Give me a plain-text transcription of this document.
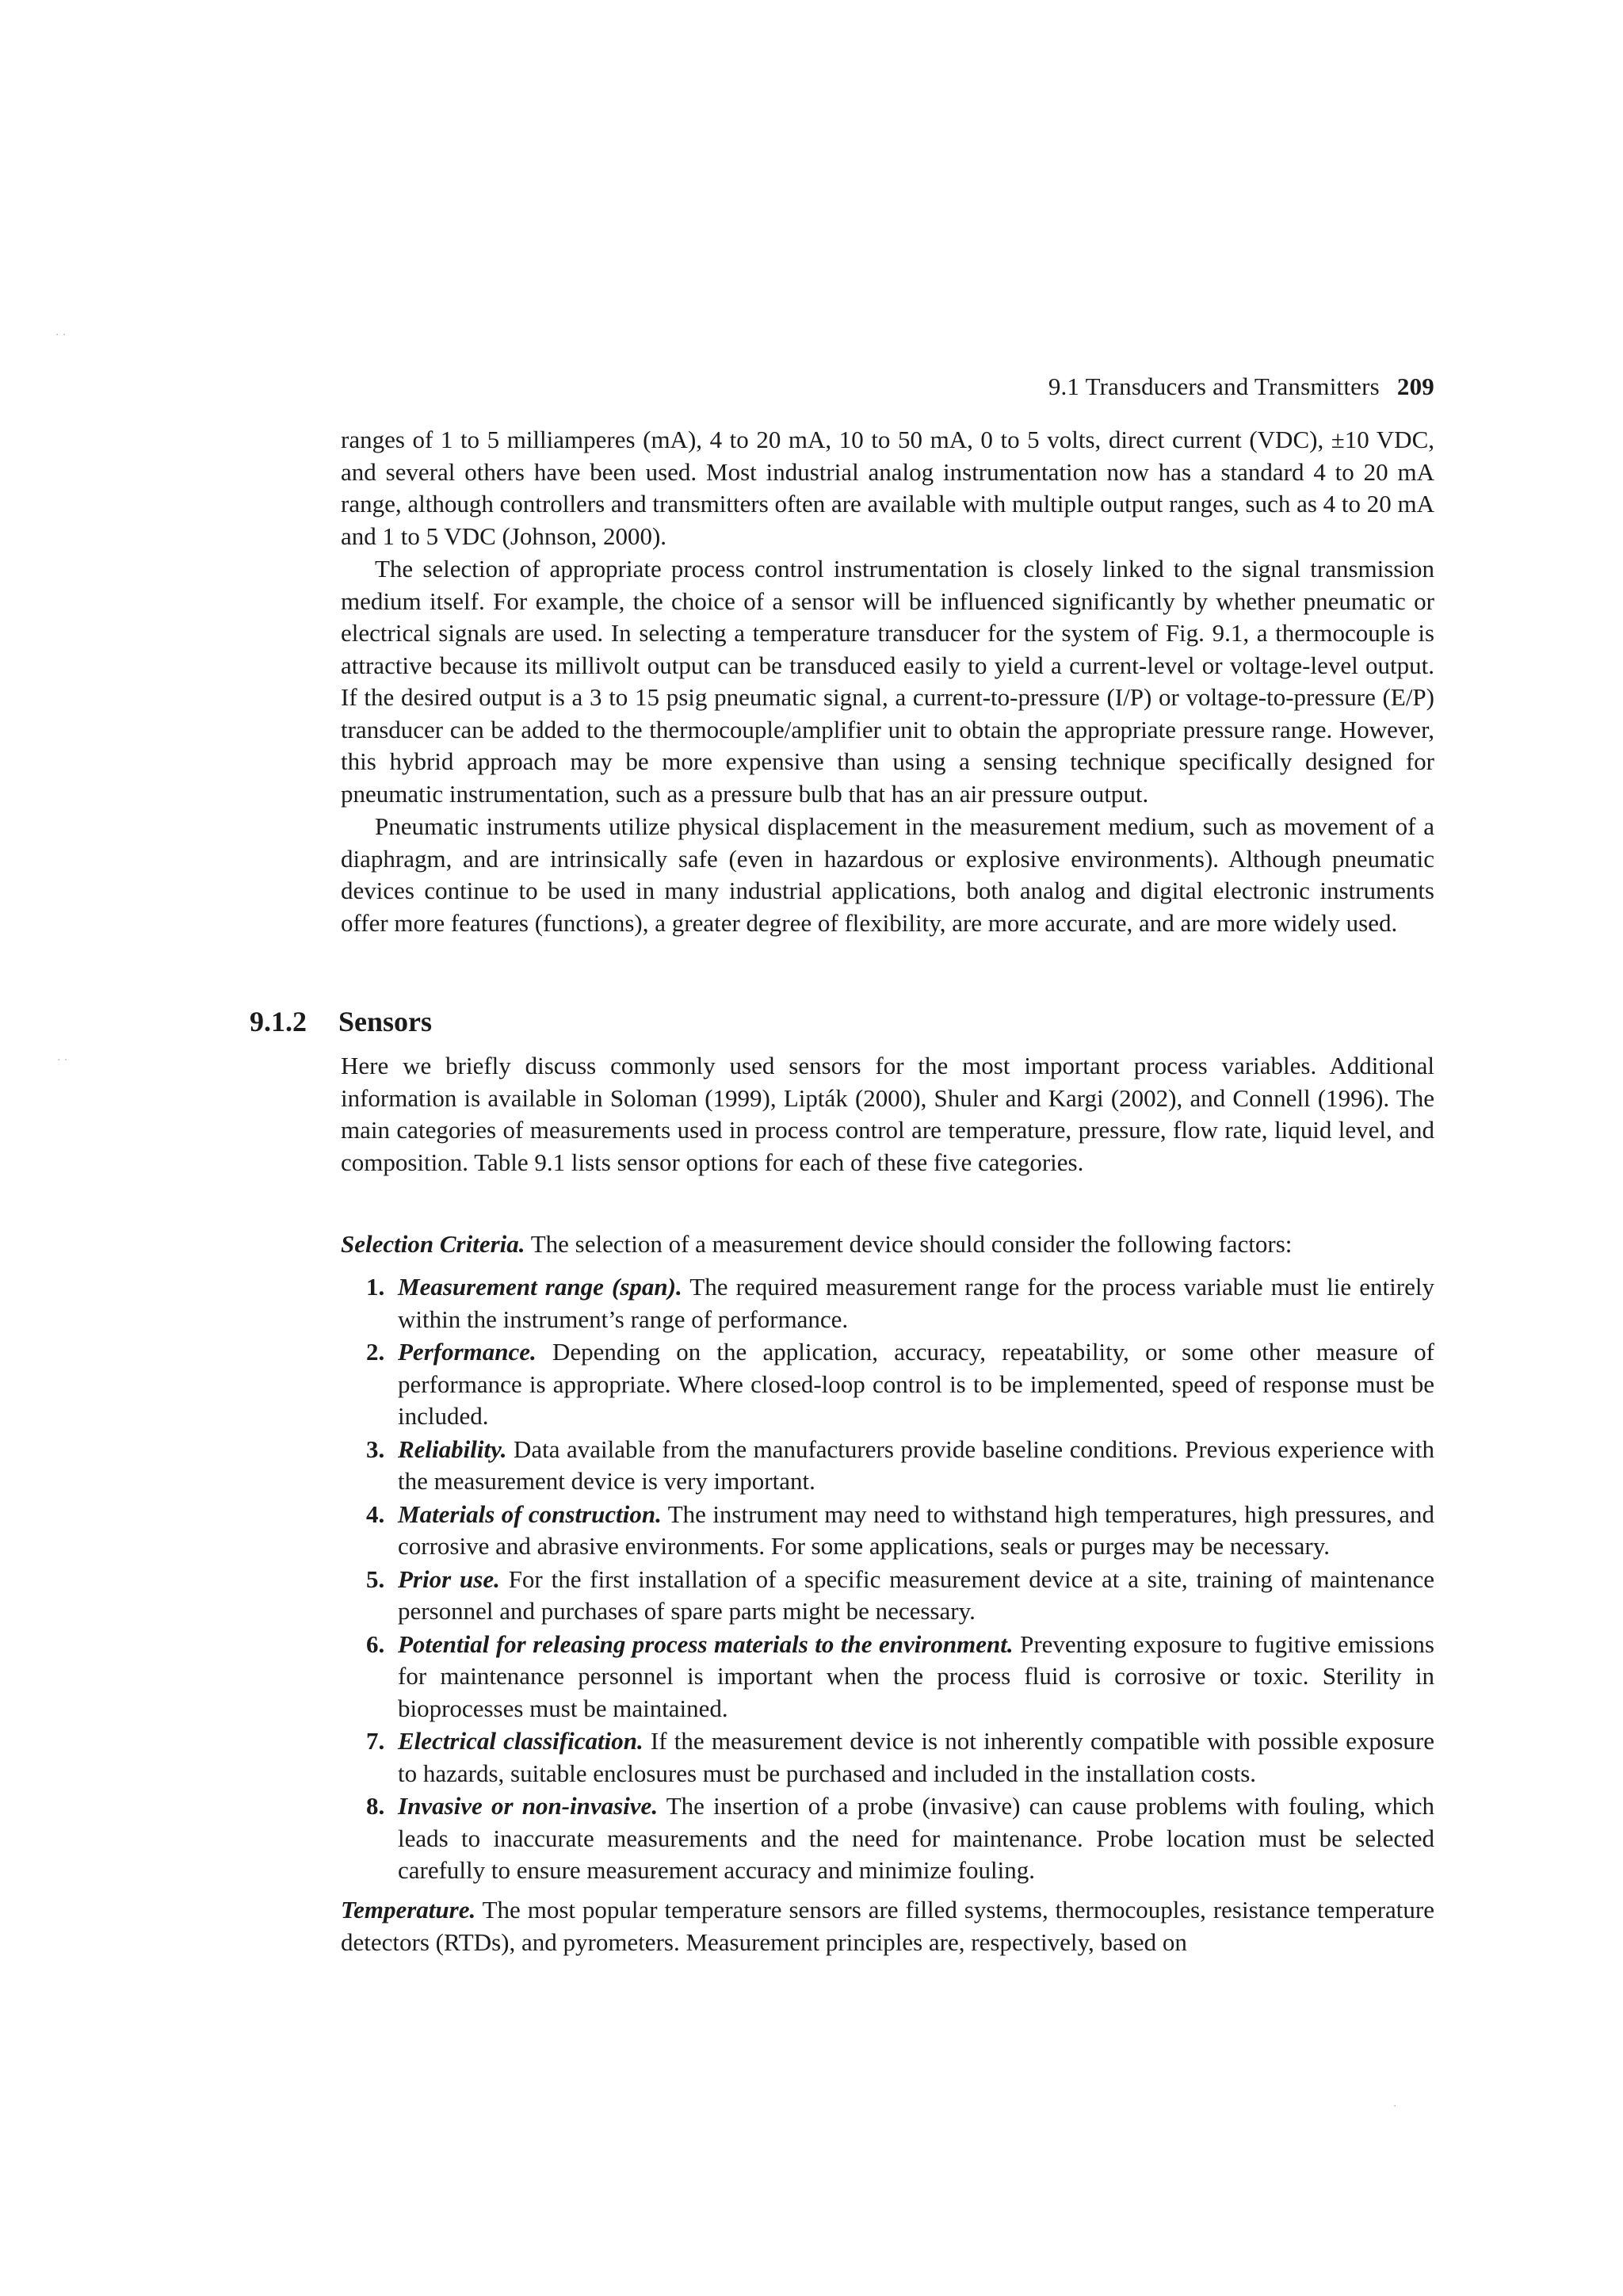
9.1 Transducers and Transmitters 209

ranges of 1 to 5 milliamperes (mA), 4 to 20 mA, 10 to 50 mA, 0 to 5 volts, direct current (VDC), ±10 VDC, and several others have been used. Most industrial analog instrumentation now has a standard 4 to 20 mA range, although controllers and transmitters often are available with multiple output ranges, such as 4 to 20 mA and 1 to 5 VDC (Johnson, 2000).

The selection of appropriate process control instrumentation is closely linked to the signal transmission medium itself. For example, the choice of a sensor will be influenced significantly by whether pneumatic or electrical signals are used. In selecting a temperature transducer for the system of Fig. 9.1, a thermocouple is attractive because its millivolt output can be transduced easily to yield a current-level or voltage-level output. If the desired output is a 3 to 15 psig pneumatic signal, a current-to-pressure (I/P) or voltage-to-pressure (E/P) transducer can be added to the thermocouple/amplifier unit to obtain the appropriate pressure range. However, this hybrid approach may be more expensive than using a sensing technique specifically designed for pneumatic instrumentation, such as a pressure bulb that has an air pressure output.

Pneumatic instruments utilize physical displacement in the measurement medium, such as movement of a diaphragm, and are intrinsically safe (even in hazardous or explosive environments). Although pneumatic devices continue to be used in many industrial applications, both analog and digital electronic instruments offer more features (functions), a greater degree of flexibility, are more accurate, and are more widely used.

9.1.2 Sensors

Here we briefly discuss commonly used sensors for the most important process variables. Additional information is available in Soloman (1999), Lipták (2000), Shuler and Kargi (2002), and Connell (1996). The main categories of measurements used in process control are temperature, pressure, flow rate, liquid level, and composition. Table 9.1 lists sensor options for each of these five categories.

Selection Criteria. The selection of a measurement device should consider the following factors:

1. Measurement range (span). The required measurement range for the process variable must lie entirely within the instrument’s range of performance.
2. Performance. Depending on the application, accuracy, repeatability, or some other measure of performance is appropriate. Where closed-loop control is to be implemented, speed of response must be included.
3. Reliability. Data available from the manufacturers provide baseline conditions. Previous experience with the measurement device is very important.
4. Materials of construction. The instrument may need to withstand high temperatures, high pressures, and corrosive and abrasive environments. For some applications, seals or purges may be necessary.
5. Prior use. For the first installation of a specific measurement device at a site, training of maintenance personnel and purchases of spare parts might be necessary.
6. Potential for releasing process materials to the environment. Preventing exposure to fugitive emissions for maintenance personnel is important when the process fluid is corrosive or toxic. Sterility in bioprocesses must be maintained.
7. Electrical classification. If the measurement device is not inherently compatible with possible exposure to hazards, suitable enclosures must be purchased and included in the installation costs.
8. Invasive or non-invasive. The insertion of a probe (invasive) can cause problems with fouling, which leads to inaccurate measurements and the need for maintenance. Probe location must be selected carefully to ensure measurement accuracy and minimize fouling.

Temperature. The most popular temperature sensors are filled systems, thermocouples, resistance temperature detectors (RTDs), and pyrometers. Measurement principles are, respectively, based on

· ·
· ·
·
